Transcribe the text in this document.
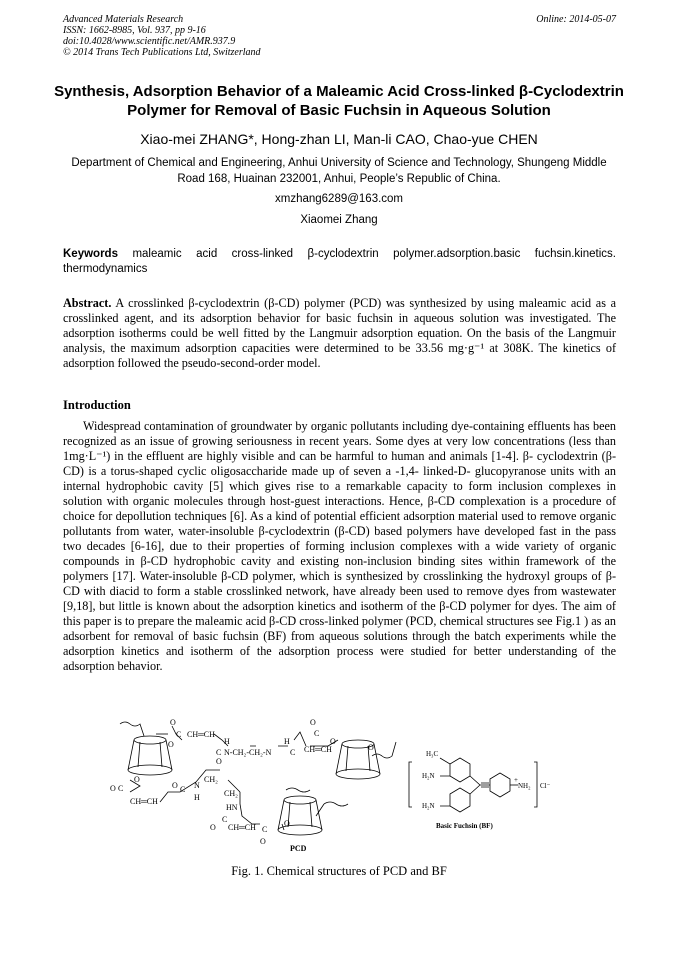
Advanced Materials Research
ISSN: 1662-8985, Vol. 937, pp 9-16
doi:10.4028/www.scientific.net/AMR.937.9
© 2014 Trans Tech Publications Ltd, Switzerland
Online: 2014-05-07
Synthesis, Adsorption Behavior of a Maleamic Acid Cross-linked β-Cyclodextrin Polymer for Removal of Basic Fuchsin in Aqueous Solution
Xiao-mei ZHANG*, Hong-zhan LI, Man-li CAO, Chao-yue CHEN
Department of Chemical and Engineering, Anhui University of Science and Technology, Shungeng Middle Road 168, Huainan 232001, Anhui, People’s Republic of China.
xmzhang6289@163.com
Xiaomei Zhang
Keywords maleamic acid cross-linked β-cyclodextrin polymer.adsorption.basic fuchsin.kinetics. thermodynamics
Abstract. A crosslinked β-cyclodextrin (β-CD) polymer (PCD) was synthesized by using maleamic acid as a crosslinked agent, and its adsorption behavior for basic fuchsin in aqueous solution was investigated. The adsorption isotherms could be well fitted by the Langmuir adsorption equation. On the basis of the Langmuir analysis, the maximum adsorption capacities were determined to be 33.56 mg·g⁻¹ at 308K. The kinetics of adsorption followed the pseudo-second-order model.
Introduction
Widespread contamination of groundwater by organic pollutants including dye-containing effluents has been recognized as an issue of growing seriousness in recent years. Some dyes at very low concentrations (less than 1mg·L⁻¹) in the effluent are highly visible and can be harmful to human and animals [1-4]. β- cyclodextrin (β-CD) is a torus-shaped cyclic oligosaccharide made up of seven a -1,4- linked-D- glucopyranose units with an internal hydrophobic cavity [5] which gives rise to a remarkable capacity to form inclusion complexes in solution with organic molecules through host-guest interactions. Hence, β-CD complexation is a procedure of choice for depollution techniques [6]. As a kind of potential efficient adsorption material used to remove organic pollutants from water, water-insoluble β-cyclodextrin (β-CD) based polymers have developed fast in the pass two decades [6-16], due to their properties of forming inclusion complexes with a wide variety of organic compounds in β-CD hydrophobic cavity and existing non-inclusion binding sites within framework of the polymers [17]. Water-insoluble β-CD polymer, which is synthesized by crosslinking the hydroxyl groups of β-CD with diacid to form a stable crosslinked network, have already been used to remove dyes from wastewater [9,18], but little is known about the adsorption kinetics and isotherm of the β-CD polymer for dyes. The aim of this paper is to prepare the maleamic acid β-CD cross-linked polymer (PCD, chemical structures see Fig.1 ) as an adsorbent for removal of basic fuchsin (BF) from aqueous solutions through the batch experiments while the adsorption kinetics and isotherm of the adsorption process were studied for better understanding of the adsorption behavior.
O
C CH═CH
O	H
C N-CH₂-CH₂-N
O
H
C
O
C
CH═CH
O
O
O C
O
CH═CH
O C N
H
CH₂
CH₂
HN
C
O CH═CH C
O
O
PCD
H₃C
H₂N
H₂N
+
NH₂ Cl⁻
Basic Fuchsin (BF)
Fig. 1. Chemical structures of PCD and BF
